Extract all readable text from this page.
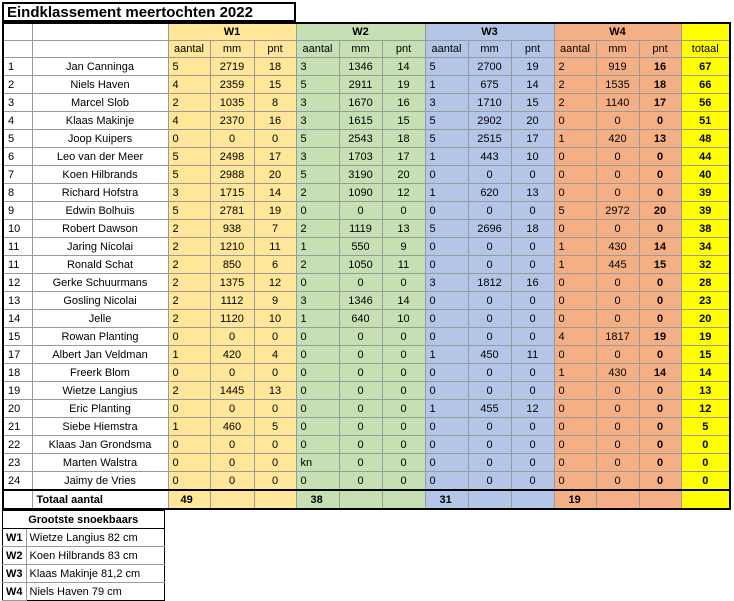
Eindklassement meertochten 2022
		W1			W2			W3			W4			
		aantal	mm	pnt	aantal	mm	pnt	aantal	mm	pnt	aantal	mm	pnt	totaal
1	Jan Canninga	5	2719	18	3	1346	14	5	2700	19	2	919	16	67
2	Niels Haven	4	2359	15	5	2911	19	1	675	14	2	1535	18	66
3	Marcel Slob	2	1035	8	3	1670	16	3	1710	15	2	1140	17	56
4	Klaas Makinje	4	2370	16	3	1615	15	5	2902	20	0	0	0	51
5	Joop Kuipers	0	0	0	5	2543	18	5	2515	17	1	420	13	48
6	Leo van der Meer	5	2498	17	3	1703	17	1	443	10	0	0	0	44
7	Koen Hilbrands	5	2988	20	5	3190	20	0	0	0	0	0	0	40
8	Richard Hofstra	3	1715	14	2	1090	12	1	620	13	0	0	0	39
9	Edwin Bolhuis	5	2781	19	0	0	0	0	0	0	5	2972	20	39
10	Robert Dawson	2	938	7	2	1119	13	5	2696	18	0	0	0	38
11	Jaring Nicolai	2	1210	11	1	550	9	0	0	0	1	430	14	34
11	Ronald Schat	2	850	6	2	1050	11	0	0	0	1	445	15	32
12	Gerke Schuurmans	2	1375	12	0	0	0	3	1812	16	0	0	0	28
13	Gosling Nicolai	2	1112	9	3	1346	14	0	0	0	0	0	0	23
14	Jelle	2	1120	10	1	640	10	0	0	0	0	0	0	20
15	Rowan Planting	0	0	0	0	0	0	0	0	0	4	1817	19	19
17	Albert Jan Veldman	1	420	4	0	0	0	1	450	11	0	0	0	15
18	Freerk Blom	0	0	0	0	0	0	0	0	0	1	430	14	14
19	Wietze Langius	2	1445	13	0	0	0	0	0	0	0	0	0	13
20	Eric Planting	0	0	0	0	0	0	1	455	12	0	0	0	12
21	Siebe Hiemstra	1	460	5	0	0	0	0	0	0	0	0	0	5
22	Klaas Jan Grondsma	0	0	0	0	0	0	0	0	0	0	0	0	0
23	Marten Walstra	0	0	0	kn	0	0	0	0	0	0	0	0	0
24	Jaimy de Vries	0	0	0	0	0	0	0	0	0	0	0	0	0
	Totaal aantal	49			38			31			19			
Grootste snoekbaars	
W1	Wietze Langius 82 cm
W2	Koen Hilbrands 83 cm
W3	Klaas Makinje 81,2 cm
W4	Niels Haven 79 cm
